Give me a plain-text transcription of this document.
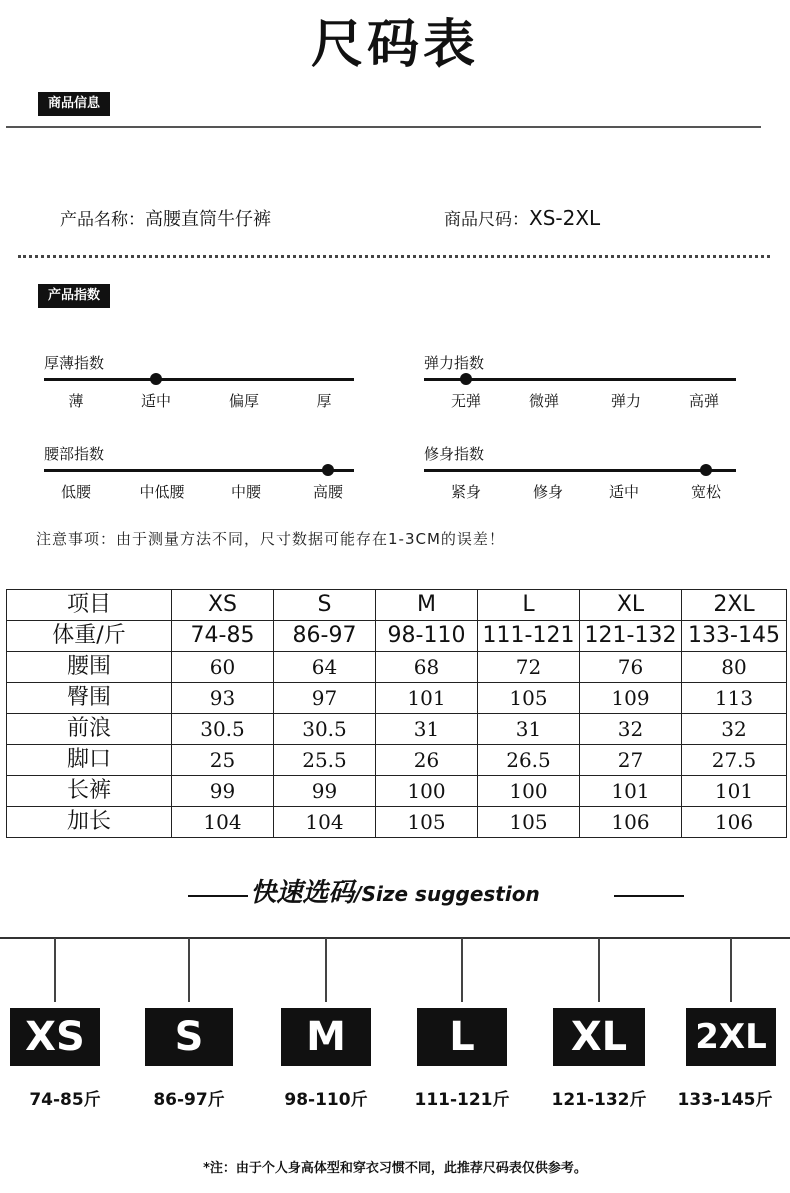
尺码表
商品信息
产品名称：高腰直筒牛仔裤	商品尺码：XS-2XL
产品指数
厚薄指数
薄	适中	偏厚	厚
弹力指数
无弹	微弹	弹力	高弹
腰部指数
低腰	中低腰	中腰	高腰
修身指数
紧身	修身	适中	宽松
注意事项：由于测量方法不同，尺寸数据可能存在1-3CM的误差！
项目	XS	S	M	L	XL	2XL
体重/斤	74-85	86-97	98-110	111-121	121-132	133-145
腰围	60	64	68	72	76	80
臀围	93	97	101	105	109	113
前浪	30.5	30.5	31	31	32	32
脚口	25	25.5	26	26.5	27	27.5
长裤	99	99	100	100	101	101
加长	104	104	105	105	106	106
快速选码/Size suggestion
XS
74-85斤
S
86-97斤
M
98-110斤
L
111-121斤
XL
121-132斤
2XL
133-145斤
*注：由于个人身高体型和穿衣习惯不同，此推荐尺码表仅供参考。
